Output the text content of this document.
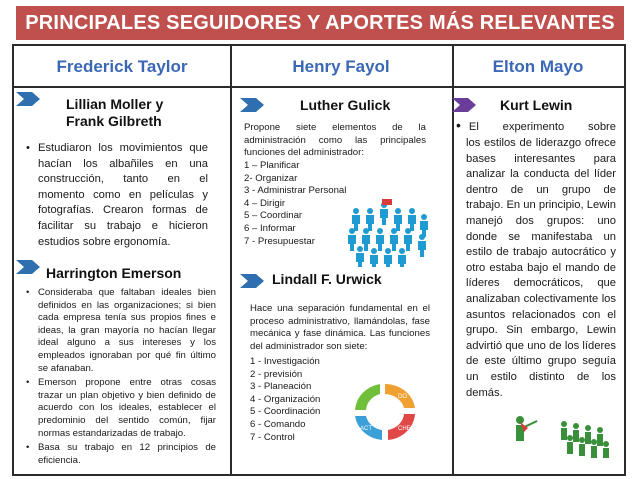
PRINCIPALES SEGUIDORES Y APORTES MÁS RELEVANTES
Frederick Taylor	Henry Fayol	Elton Mayo
Lillian Moller y
Frank Gilbreth
• Estudiaron los movimientos que hacían los albañiles en una construcción, tanto en el momento como en películas y fotografías. Crearon formas de facilitar su trabajo e hicieron estudios sobre ergonomía.
Harrington Emerson
• Consideraba que faltaban ideales bien definidos en las organizaciones; si bien cada empresa tenía sus propios fines e ideas, la gran mayoría no hacían llegar ideal alguno a sus intereses y los empleados ignoraban por qué fin último se afanaban.
• Emerson propone entre otras cosas trazar un plan objetivo y bien definido de acuerdo con los ideales, establecer el predominio del sentido común, fijar normas estandarizadas de trabajo.
• Basa su trabajo en 12 principios de eficiencia.
Luther Gulick
Propone siete elementos de la administración como las principales funciones del administrador:
1 – Planificar
2- Organizar
3 - Administrar Personal
4 – Dirigir
5 – Coordinar
6 – Informar
7 - Presupuestar
Lindall F. Urwick
Hace una separación fundamental en el proceso administrativo, llamándolas, fase mecánica y fase dinámica. Las funciones del administrador son siete:
1 - Investigación
2 - previsión
3 - Planeación
4 - Organización
5 - Coordinación
6 - Comando
7 - Control
DO
CHECK
ACT
Kurt Lewin
• El experimento sobre
los estilos de liderazgo ofrece bases interesantes para analizar la conducta del líder dentro de un grupo de trabajo. En un principio, Lewin manejó dos grupos: uno donde se manifestaba un estilo de trabajo autocrático y otro estaba bajo el mando de líderes democráticos, que analizaban colectivamente los asuntos relacionados con el grupo. Sin embargo, Lewin advirtió que uno de los líderes de este último grupo seguía un estilo distinto de los demás.
